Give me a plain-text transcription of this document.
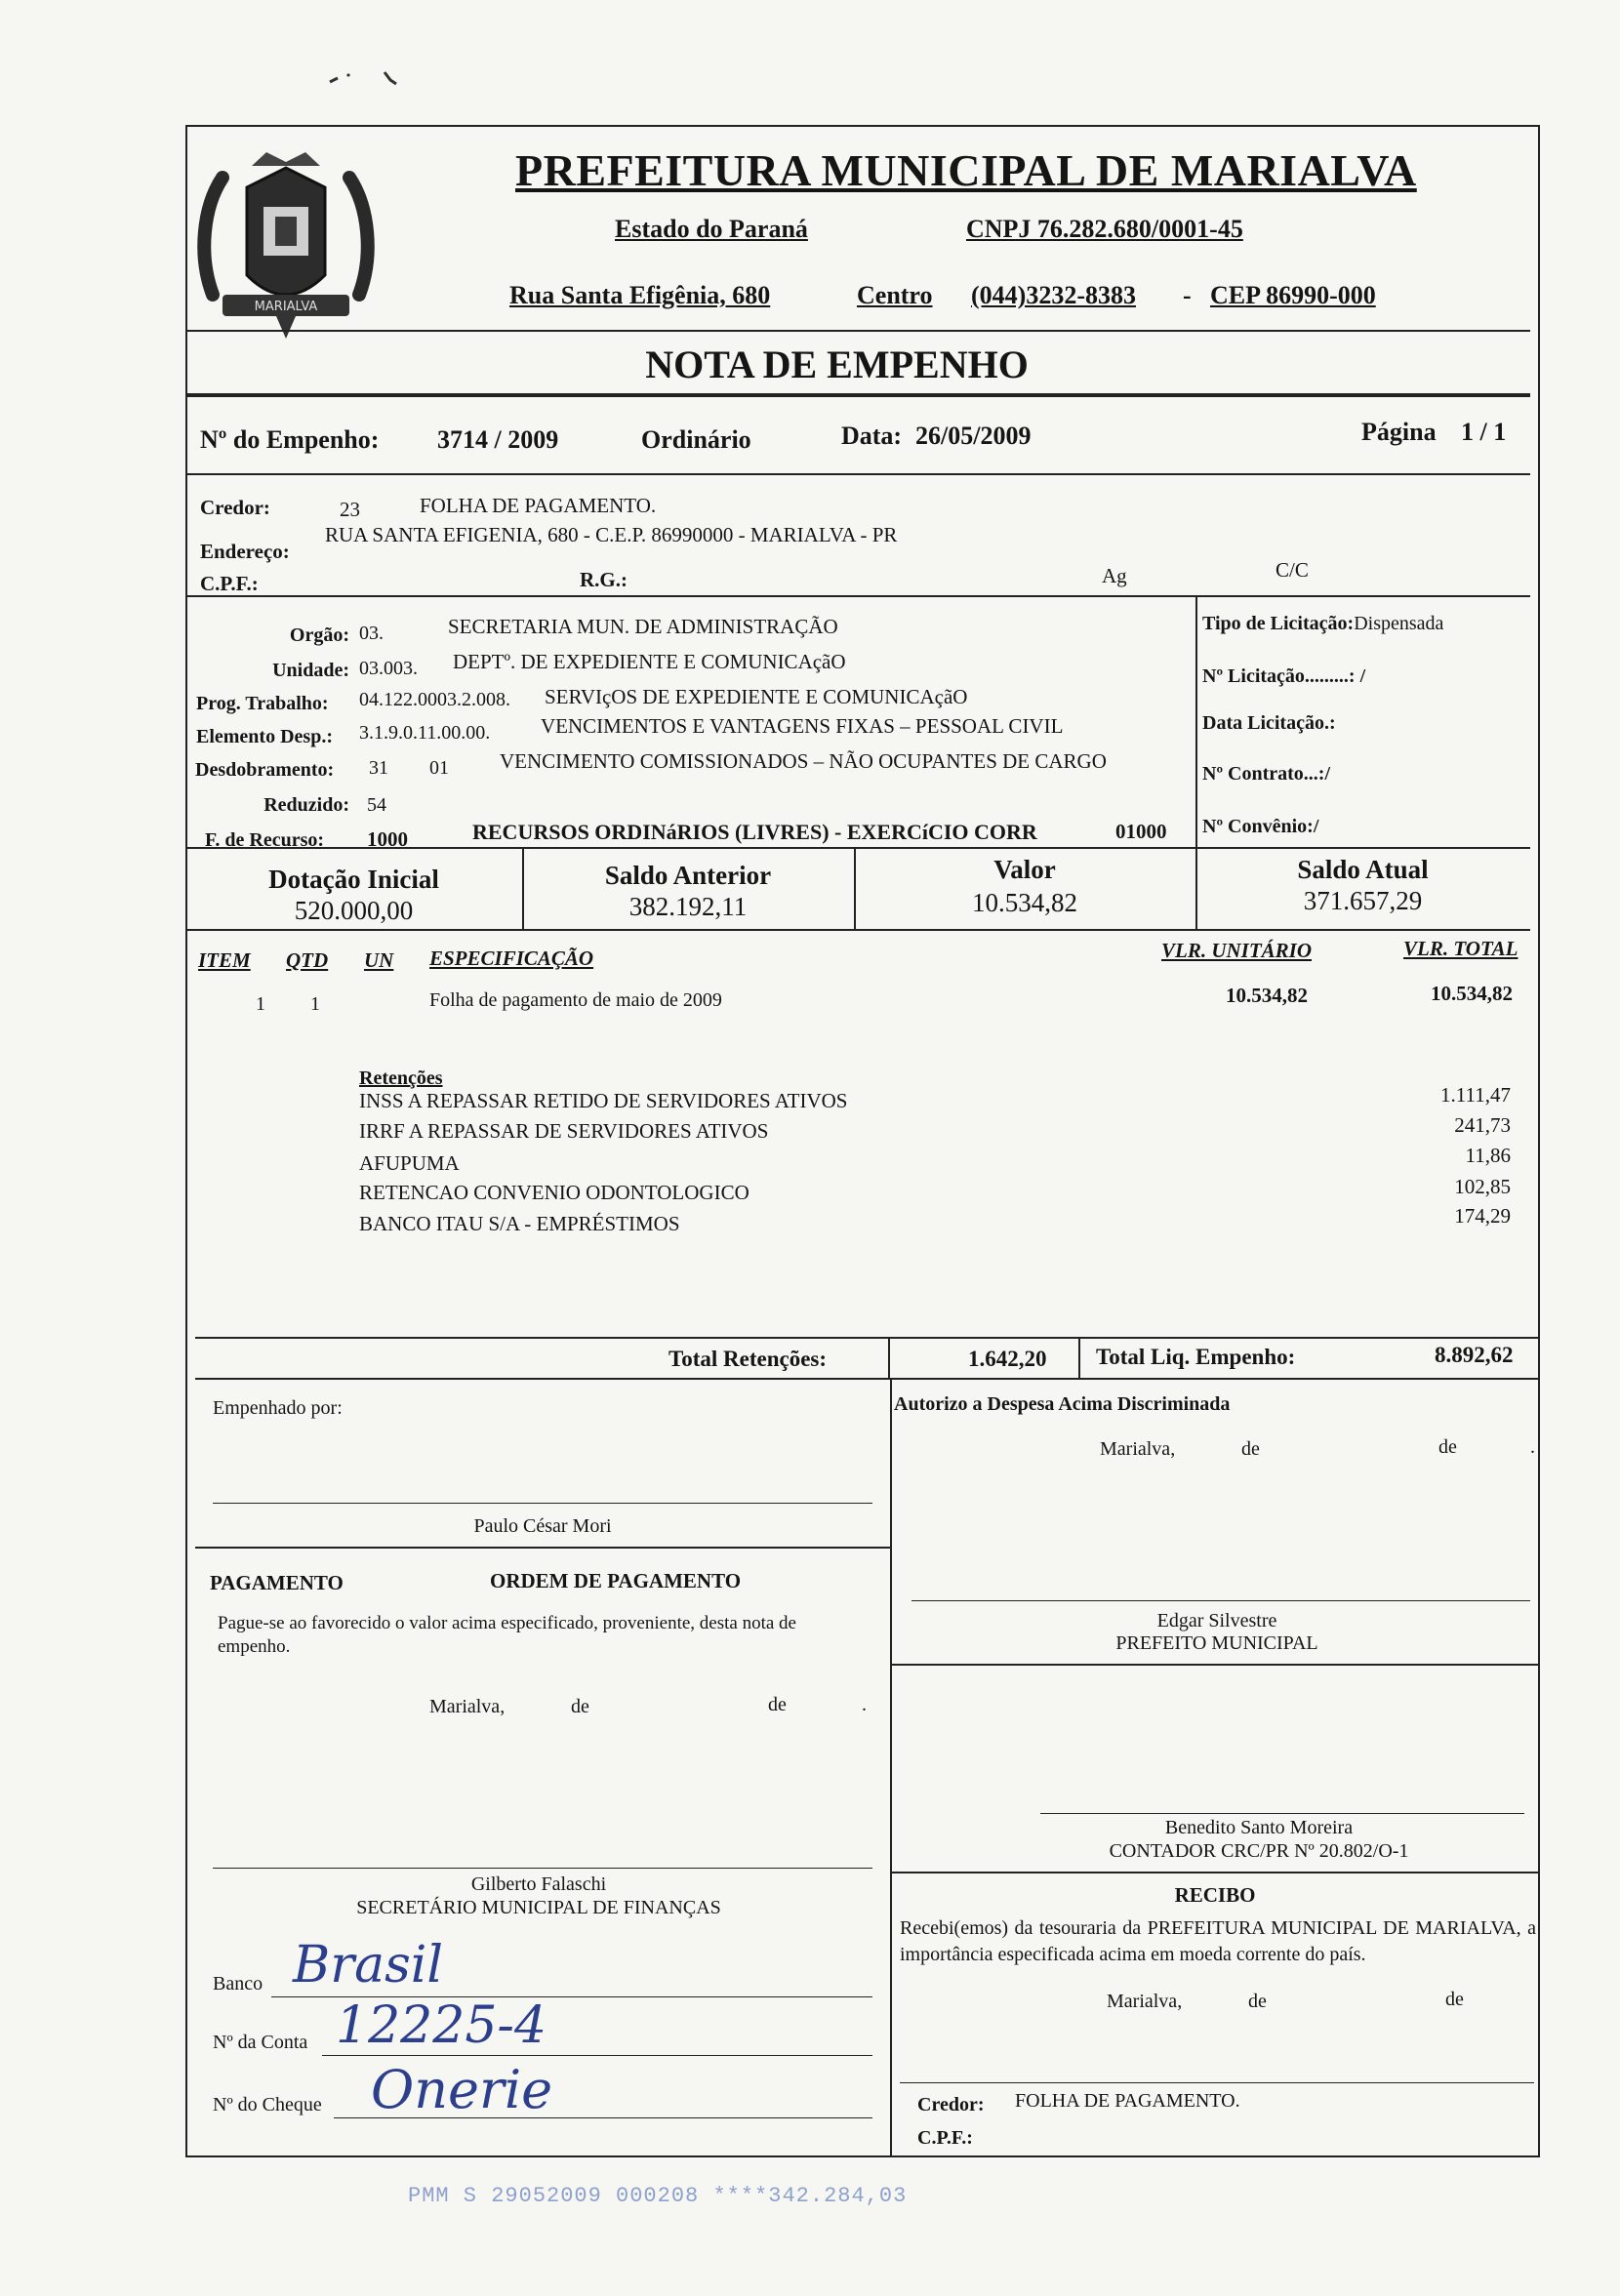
MARIALVA
PREFEITURA MUNICIPAL DE MARIALVA
Estado do Paraná	CNPJ 76.282.680/0001-45
Rua Santa Efigênia, 680	Centro (044)3232-8383 - CEP 86990-000
NOTA DE EMPENHO
Nº do Empenho: 3714 / 2009	Ordinário	Data: 26/05/2009	Página 1 / 1
Credor:	23	FOLHA DE PAGAMENTO.
Endereço:
RUA SANTA EFIGENIA, 680 - C.E.P. 86990000 - MARIALVA - PR
C.P.F.:	R.G.:	Ag	C/C
Orgão: 03.	SECRETARIA MUN. DE ADMINISTRAÇÃO
Unidade: 03.003. DEPTº. DE EXPEDIENTE E COMUNICAçãO
Prog. Trabalho: 04.122.0003.2.008. SERVIçOS DE EXPEDIENTE E COMUNICAçãO
Elemento Desp.: 3.1.9.0.11.00.00. VENCIMENTOS E VANTAGENS FIXAS – PESSOAL CIVIL
Desdobramento: 31 01 VENCIMENTO COMISSIONADOS – NÃO OCUPANTES DE CARGO
Reduzido: 54
F. de Recurso: 1000	RECURSOS ORDINáRIOS (LIVRES) - EXERCíCIO CORR	01000
Tipo de Licitação:Dispensada
Nº Licitação.........: /
Data Licitação.:
Nº Contrato...:/
Nº Convênio:/
Dotação Inicial
520.000,00
Saldo Anterior
382.192,11
Valor
10.534,82
Saldo Atual
371.657,29
ITEM QTD UN ESPECIFICAÇÃO	VLR. UNITÁRIO	VLR. TOTAL
1 1	Folha de pagamento de maio de 2009	10.534,82	10.534,82
Retenções
INSS A REPASSAR RETIDO DE SERVIDORES ATIVOS	1.111,47
IRRF A REPASSAR DE SERVIDORES ATIVOS	241,73
AFUPUMA	11,86
RETENCAO CONVENIO ODONTOLOGICO	102,85
BANCO ITAU S/A - EMPRÉSTIMOS	174,29
Total Retenções:	1.642,20 Total Liq. Empenho:	8.892,62
Empenhado por:
Paulo César Mori
Autorizo a Despesa Acima Discriminada
Marialva,	de	de	.
PAGAMENTO	ORDEM DE PAGAMENTO
Pague-se ao favorecido o valor acima especificado, proveniente, desta nota de empenho.
Marialva,	de	de	.
Edgar Silvestre
PREFEITO MUNICIPAL
Benedito Santo Moreira
CONTADOR CRC/PR Nº 20.802/O-1
Gilberto Falaschi
SECRETÁRIO MUNICIPAL DE FINANÇAS
RECIBO
Recebi(emos) da tesouraria da PREFEITURA MUNICIPAL DE MARIALVA, a importância especificada acima em moeda corrente do país.
Marialva,	de	de
Credor: FOLHA DE PAGAMENTO.
C.P.F.:
Banco Brasil
Nº da Conta 12225-4
Nº do Cheque Onerie
PMM S 29052009 000208 ****342.284,03
